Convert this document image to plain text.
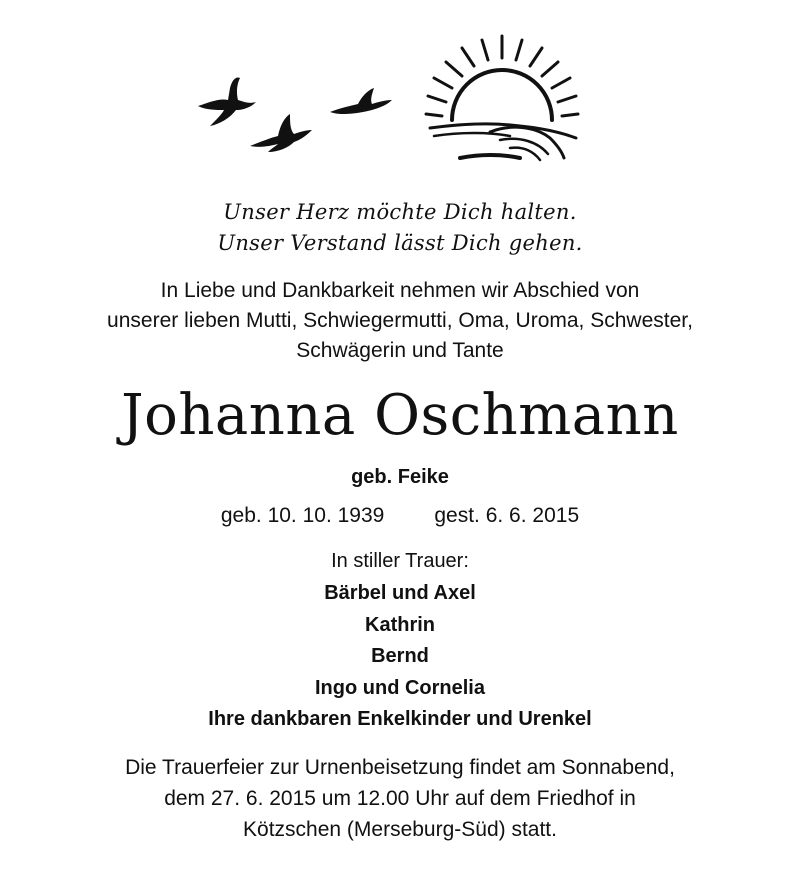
Unser Herz möchte Dich halten.
Unser Verstand lässt Dich gehen.
In Liebe und Dankbarkeit nehmen wir Abschied von
unserer lieben Mutti, Schwiegermutti, Oma, Uroma, Schwester,
Schwägerin und Tante
Johanna Oschmann
geb. Feike
geb. 10. 10. 1939 gest. 6. 6. 2015
In stiller Trauer:
Bärbel und Axel
Kathrin
Bernd
Ingo und Cornelia
Ihre dankbaren Enkelkinder und Urenkel
Die Trauerfeier zur Urnenbeisetzung findet am Sonnabend,
dem 27. 6. 2015 um 12.00 Uhr auf dem Friedhof in
Kötzschen (Merseburg-Süd) statt.
